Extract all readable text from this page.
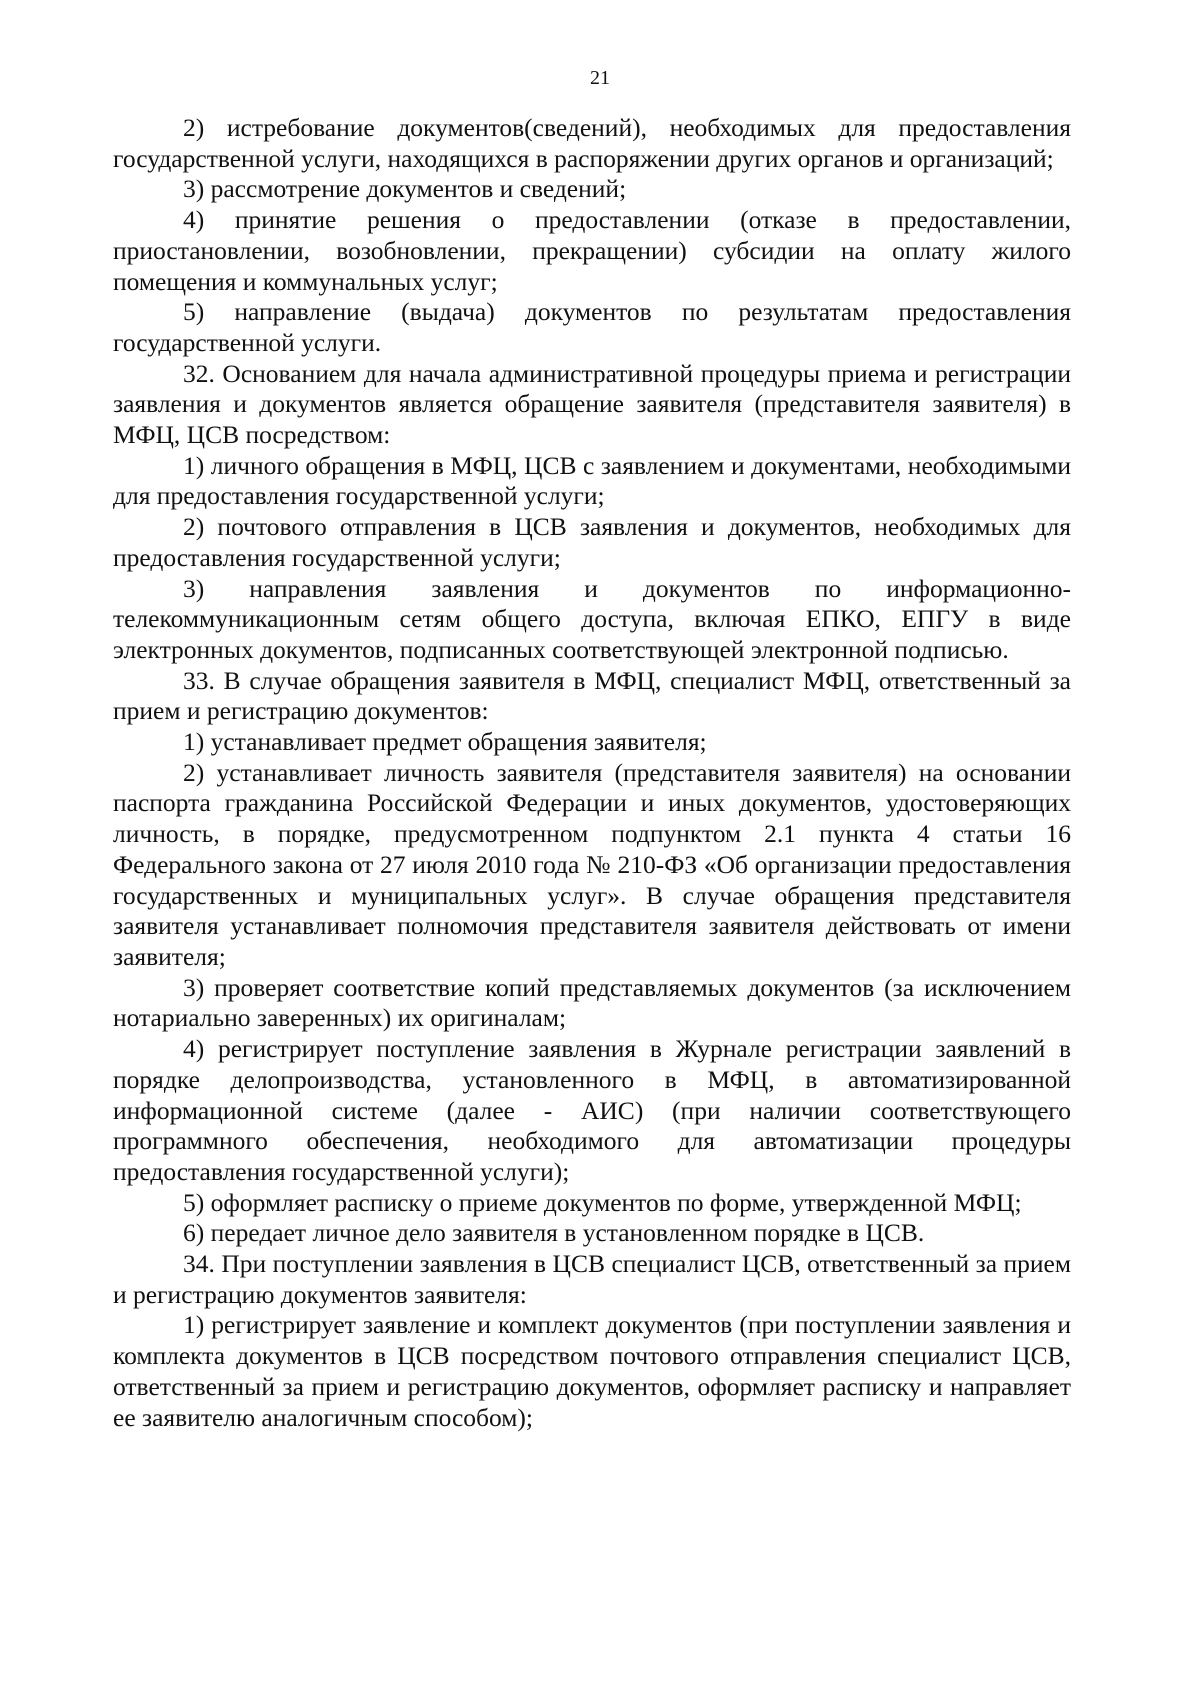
21

2) истребование документов(сведений), необходимых для предоставления государственной услуги, находящихся в распоряжении других органов и организаций;

3) рассмотрение документов и сведений;

4) принятие решения о предоставлении (отказе в предоставлении, приостановлении, возобновлении, прекращении) субсидии на оплату жилого помещения и коммунальных услуг;

5) направление (выдача) документов по результатам предоставления государственной услуги.

32. Основанием для начала административной процедуры приема и регистрации заявления и документов является обращение заявителя (представителя заявителя) в МФЦ, ЦСВ посредством:

1) личного обращения в МФЦ, ЦСВ с заявлением и документами, необходимыми для предоставления государственной услуги;

2) почтового отправления в ЦСВ заявления и документов, необходимых для предоставления государственной услуги;

3) направления заявления и документов по информационно-телекоммуникационным сетям общего доступа, включая ЕПКО, ЕПГУ в виде электронных документов, подписанных соответствующей электронной подписью.

33. В случае обращения заявителя в МФЦ, специалист МФЦ, ответственный за прием и регистрацию документов:

1) устанавливает предмет обращения заявителя;

2) устанавливает личность заявителя (представителя заявителя) на основании паспорта гражданина Российской Федерации и иных документов, удостоверяющих личность, в порядке, предусмотренном подпунктом 2.1 пункта 4 статьи 16 Федерального закона от 27 июля 2010 года № 210-ФЗ «Об организации предоставления государственных и муниципальных услуг». В случае обращения представителя заявителя устанавливает полномочия представителя заявителя действовать от имени заявителя;

3) проверяет соответствие копий представляемых документов (за исключением нотариально заверенных) их оригиналам;

4) регистрирует поступление заявления в Журнале регистрации заявлений в порядке делопроизводства, установленного в МФЦ, в автоматизированной информационной системе (далее - АИС) (при наличии соответствующего программного обеспечения, необходимого для автоматизации процедуры предоставления государственной услуги);

5) оформляет расписку о приеме документов по форме, утвержденной МФЦ;

6) передает личное дело заявителя в установленном порядке в ЦСВ.

34. При поступлении заявления в ЦСВ специалист ЦСВ, ответственный за прием и регистрацию документов заявителя:

1) регистрирует заявление и комплект документов (при поступлении заявления и комплекта документов в ЦСВ посредством почтового отправления специалист ЦСВ, ответственный за прием и регистрацию документов, оформляет расписку и направляет ее заявителю аналогичным способом);
